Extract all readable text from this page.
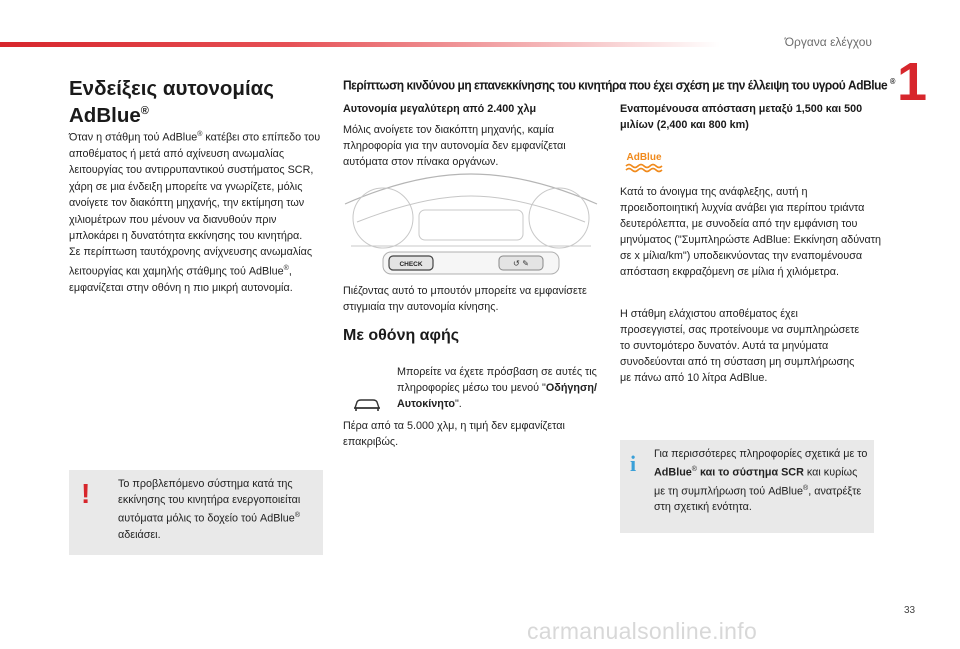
Όργανα ελέγχου
1
Ενδείξεις αυτονομίας
AdBlue®

Όταν η στάθμη τού AdBlue® κατέβει στο επίπεδο του αποθέματος ή μετά από αχίνευση ανωμαλίας λειτουργίας του αντιρρυπαντικού συστήματος SCR, χάρη σε μια ένδειξη μπορείτε να γνωρίζετε, μόλις ανοίγετε τον διακόπτη μηχανής, την εκτίμηση των χιλιομέτρων που μένουν να διανυθούν πριν μπλοκάρει η δυνατότητα εκκίνησης του κινητήρα.

Σε περίπτωση ταυτόχρονης ανίχνευσης ανωμαλίας λειτουργίας και χαμηλής στάθμης τού AdBlue®, εμφανίζεται στην οθόνη η πιο μικρή αυτονομία.

!	Το προβλεπόμενο σύστημα κατά της εκκίνησης του κινητήρα ενεργοποιείται αυτόματα μόλις το δοχείο τού AdBlue® αδειάσει.
Περίπτωση κινδύνου μη επανεκκίνησης του κινητήρα που έχει σχέση με την έλλειψη του υγρού AdBlue ®
Αυτονομία μεγαλύτερη από 2.400 χλμ

Μόλις ανοίγετε τον διακόπτη μηχανής, καμία πληροφορία για την αυτονομία δεν εμφανίζεται αυτόματα στον πίνακα οργάνων.

CHECK	↺ ✎

Πιέζοντας αυτό το μπουτόν μπορείτε να εμφανίσετε στιγμιαία την αυτονομία κίνησης.

Με οθόνη αφής

Μπορείτε να έχετε πρόσβαση σε αυτές τις πληροφορίες μέσω του μενού "Οδήγηση/Αυτοκίνητο".

Πέρα από τα 5.000 χλμ, η τιμή δεν εμφανίζεται επακριβώς.

Εναπομένουσα απόσταση μεταξύ 1,500 και 500 μιλίων (2,400 και 800 km)
AdBlue

Κατά το άνοιγμα της ανάφλεξης, αυτή η προειδοποιητική λυχνία ανάβει για περίπου τριάντα δευτερόλεπτα, με συνοδεία από την εμφάνιση του μηνύματος ("Συμπληρώστε AdBlue: Εκκίνηση αδύνατη σε x μίλια/km") υποδεικνύοντας την εναπομένουσα απόσταση εκφραζόμενη σε μίλια ή χιλιόμετρα.

Η στάθμη ελάχιστου αποθέματος έχει προσεγγιστεί, σας προτείνουμε να συμπληρώσετε το συντομότερο δυνατόν. Αυτά τα μηνύματα συνοδεύονται από τη σύσταση μη συμπλήρωσης με πάνω από 10 λίτρα AdBlue.

i Για περισσότερες πληροφορίες σχετικά με το AdBlue® και το σύστημα SCR και κυρίως με τη συμπλήρωση τού AdBlue®, ανατρέξτε στη σχετική ενότητα.
33
carmanualsonline.info
